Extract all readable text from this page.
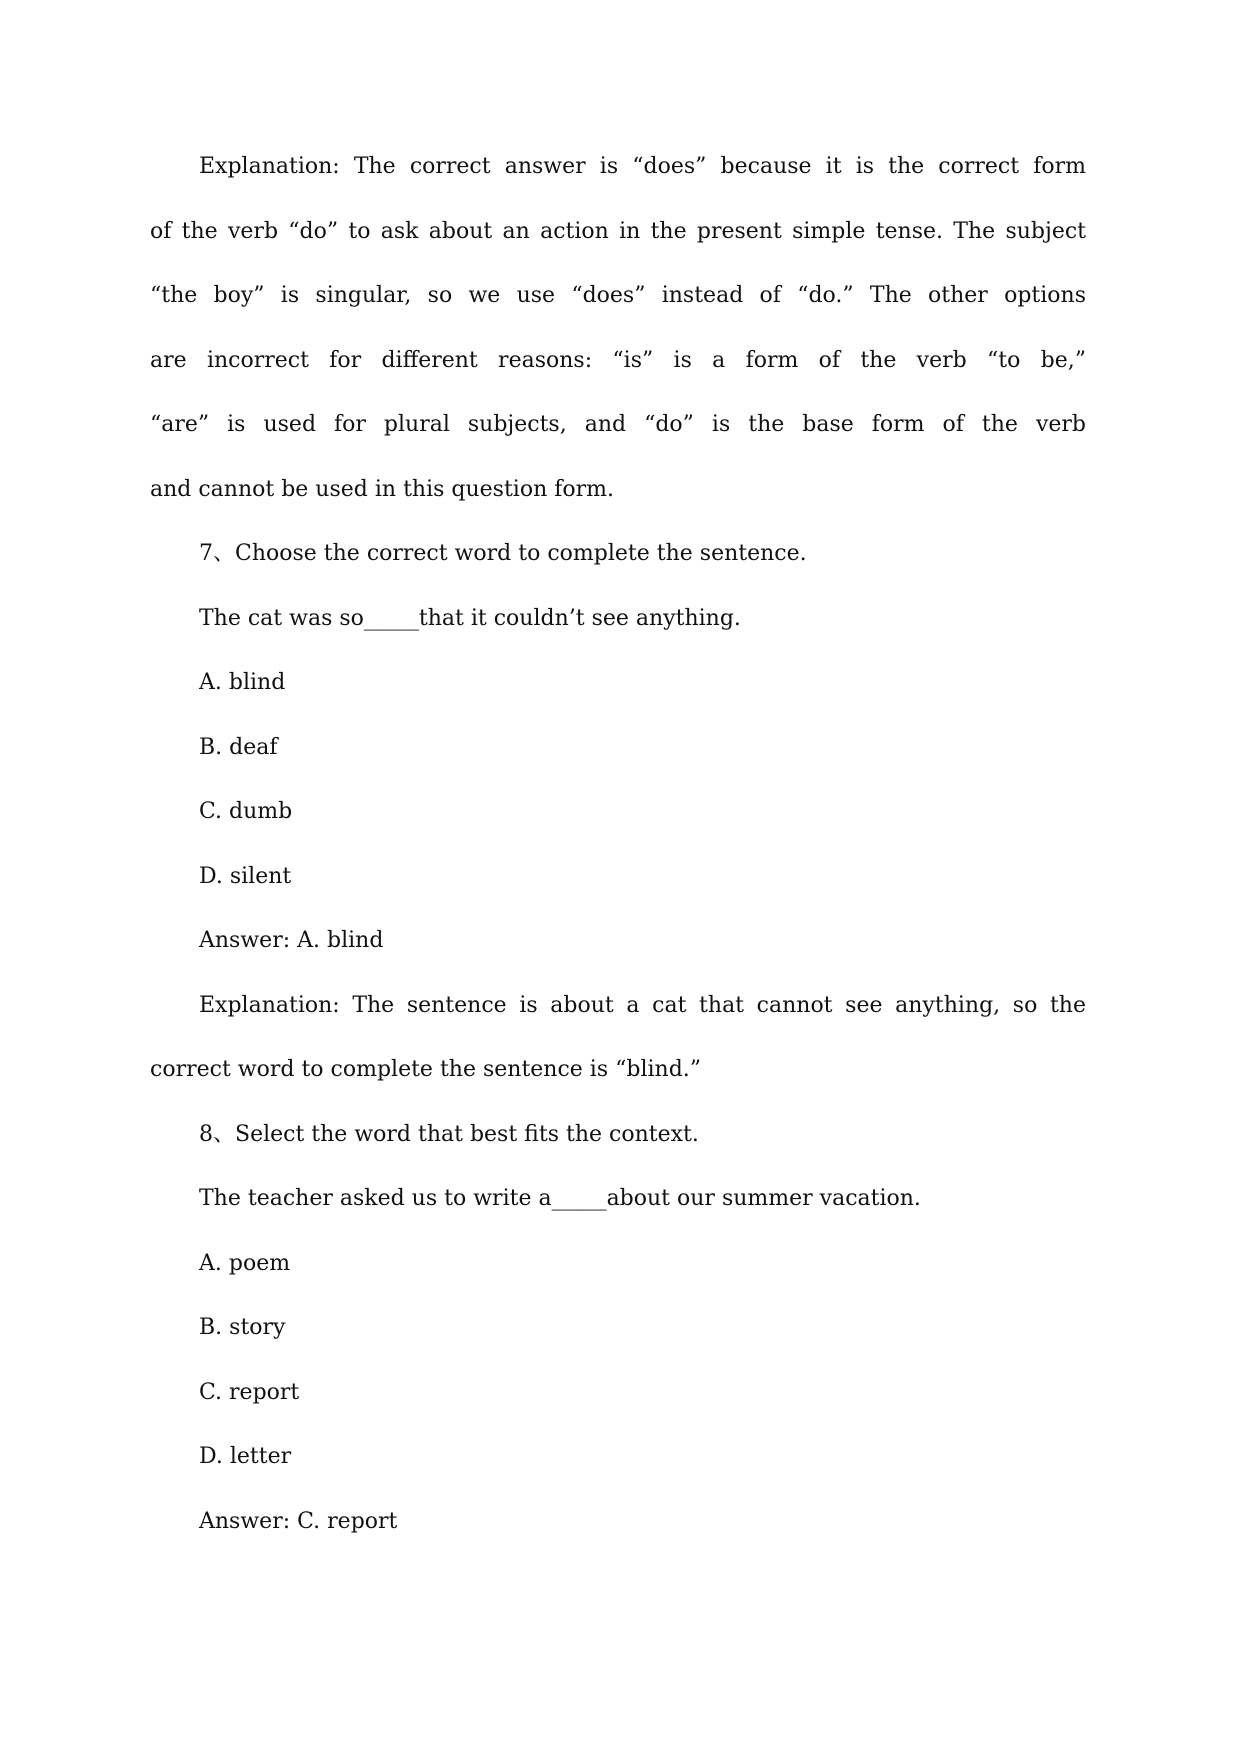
Explanation: The correct answer is “does” because it is the correct form
of the verb “do” to ask about an action in the present simple tense. The subject
“the boy” is singular, so we use “does” instead of “do.” The other options
are incorrect for different reasons: “is” is a form of the verb “to be,”
“are” is used for plural subjects, and “do” is the base form of the verb
and cannot be used in this question form.
7、Choose the correct word to complete the sentence.
The cat was so_____that it couldn’t see anything.
A. blind
B. deaf
C. dumb
D. silent
Answer: A. blind
Explanation: The sentence is about a cat that cannot see anything, so the
correct word to complete the sentence is “blind.”
8、Select the word that best fits the context.
The teacher asked us to write a_____about our summer vacation.
A. poem
B. story
C. report
D. letter
Answer: C. report
